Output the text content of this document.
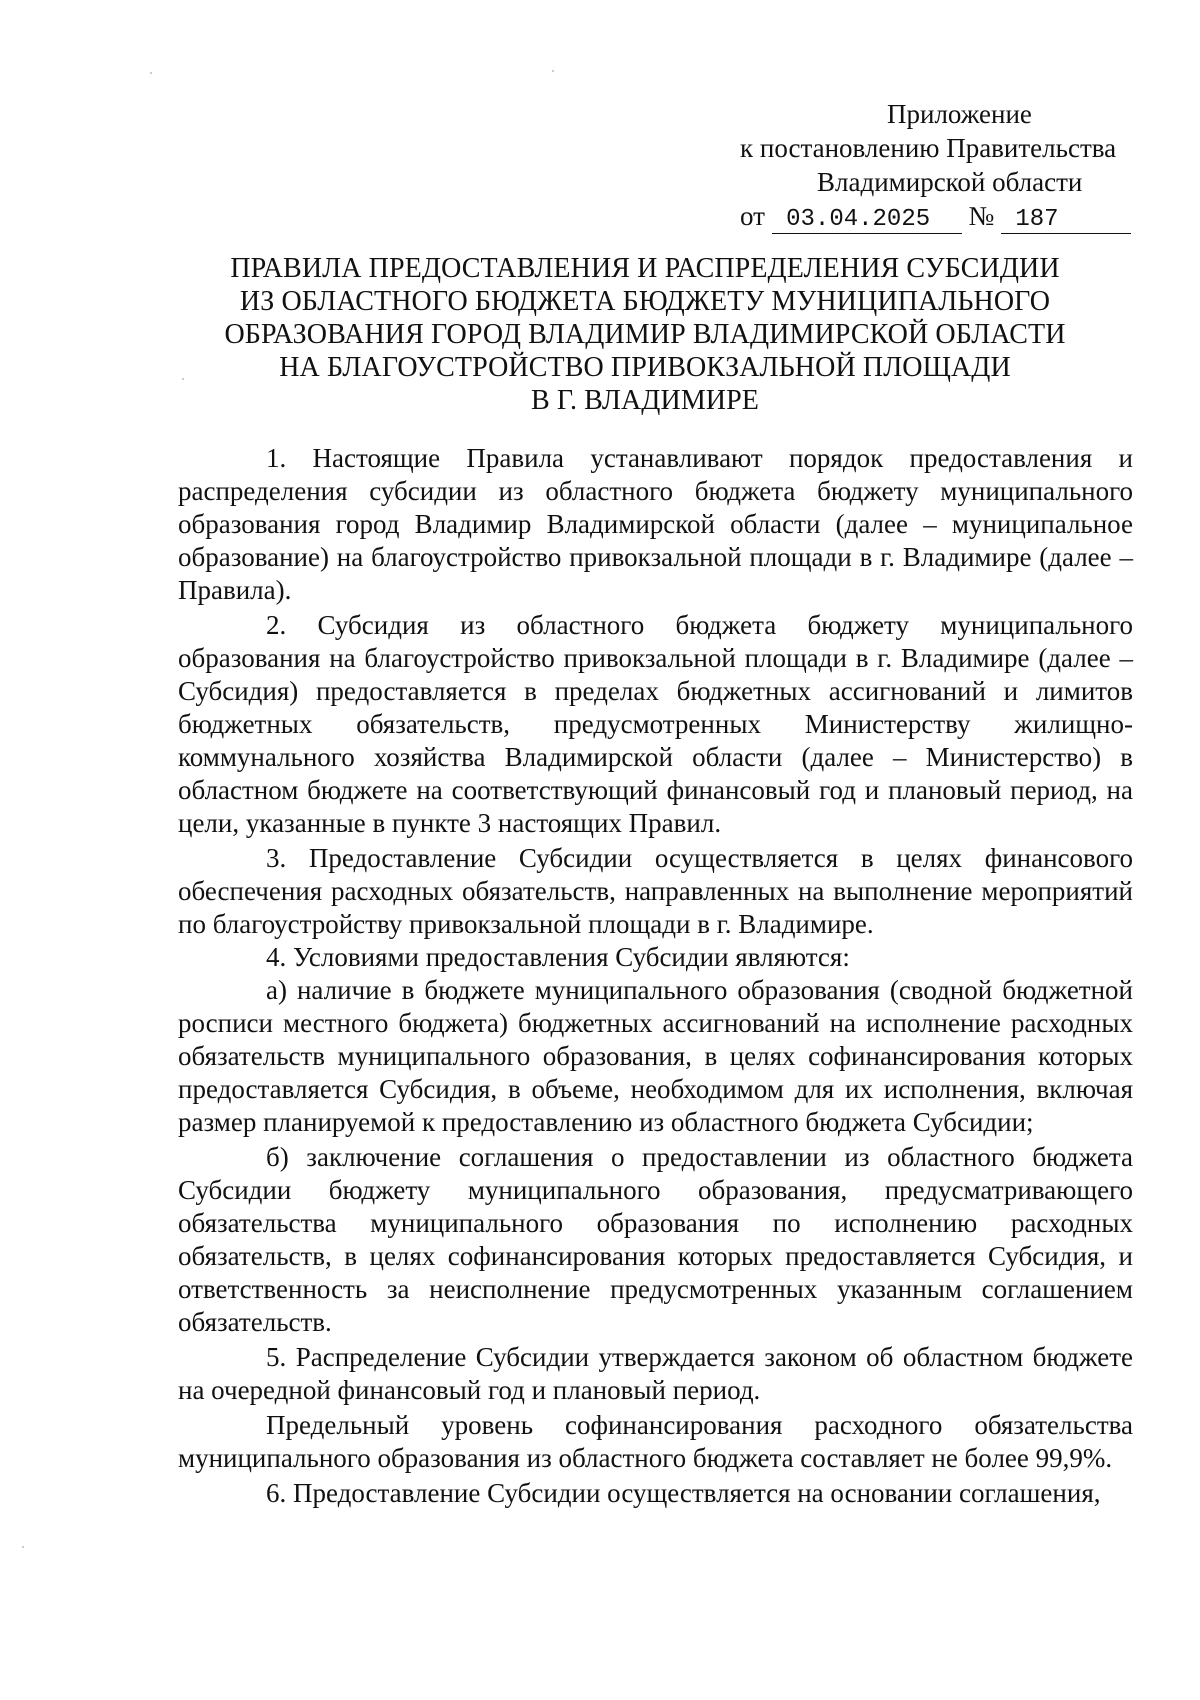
Приложение
к постановлению Правительства
Владимирской области
от 03.04.2025 № 187
ПРАВИЛА ПРЕДОСТАВЛЕНИЯ И РАСПРЕДЕЛЕНИЯ СУБСИДИИ
ИЗ ОБЛАСТНОГО БЮДЖЕТА БЮДЖЕТУ МУНИЦИПАЛЬНОГО
ОБРАЗОВАНИЯ ГОРОД ВЛАДИМИР ВЛАДИМИРСКОЙ ОБЛАСТИ
НА БЛАГОУСТРОЙСТВО ПРИВОКЗАЛЬНОЙ ПЛОЩАДИ
В Г. ВЛАДИМИРЕ

1. Настоящие Правила устанавливают порядок предоставления и распределения субсидии из областного бюджета бюджету муниципального образования город Владимир Владимирской области (далее – муниципальное образование) на благоустройство привокзальной площади в г. Владимире (далее – Правила).

2. Субсидия из областного бюджета бюджету муниципального образования на благоустройство привокзальной площади в г. Владимире (далее – Субсидия) предоставляется в пределах бюджетных ассигнований и лимитов бюджетных обязательств, предусмотренных Министерству жилищно-коммунального хозяйства Владимирской области (далее – Министерство) в областном бюджете на соответствующий финансовый год и плановый период, на цели, указанные в пункте 3 настоящих Правил.

3. Предоставление Субсидии осуществляется в целях финансового обеспечения расходных обязательств, направленных на выполнение мероприятий по благоустройству привокзальной площади в г. Владимире.

4. Условиями предоставления Субсидии являются:

а) наличие в бюджете муниципального образования (сводной бюджетной росписи местного бюджета) бюджетных ассигнований на исполнение расходных обязательств муниципального образования, в целях софинансирования которых предоставляется Субсидия, в объеме, необходимом для их исполнения, включая размер планируемой к предоставлению из областного бюджета Субсидии;

б) заключение соглашения о предоставлении из областного бюджета Субсидии бюджету муниципального образования, предусматривающего обязательства муниципального образования по исполнению расходных обязательств, в целях софинансирования которых предоставляется Субсидия, и ответственность за неисполнение предусмотренных указанным соглашением обязательств.

5. Распределение Субсидии утверждается законом об областном бюджете на очередной финансовый год и плановый период.

Предельный уровень софинансирования расходного обязательства муниципального образования из областного бюджета составляет не более 99,9%.

6. Предоставление Субсидии осуществляется на основании соглашения,
